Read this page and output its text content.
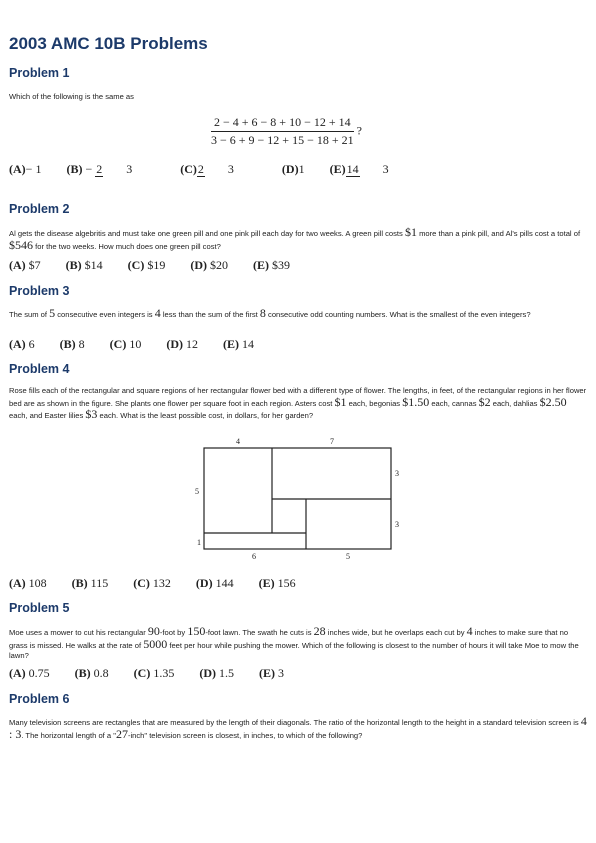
2003 AMC 10B Problems
Problem 1
Which of the following is the same as
$\frac{2 - 4 + 6 - 8 + 10 - 12 + 14}{3 - 6 + 9 - 12 + 15 - 18 + 21}$ ?
(A)− 1 (B) − 2 3	(C)2 3	(D)1 (E)14 3
Problem 2
Al gets the disease algebritis and must take one green pill and one pink pill each day for two weeks. A green pill costs $1 more than a pink pill, and Al's pills cost a total of $546 for the two weeks. How much does one green pill cost?
(A) $7 (B) $14 (C) $19 (D) $20 (E) $39
Problem 3
The sum of 5 consecutive even integers is 4 less than the sum of the first 8 consecutive odd counting numbers. What is the smallest of the even integers?
(A) 6 (B) 8 (C) 10 (D) 12 (E) 14
Problem 4
Rose fills each of the rectangular and square regions of her rectangular flower bed with a different type of flower. The lengths, in feet, of the rectangular regions in her flower bed are as shown in the figure. She plants one flower per square foot in each region. Asters cost $1 each, begonias $1.50 each, cannas $2 each, dahlias $2.50 each, and Easter lilies $3 each. What is the least possible cost, in dollars, for her garden?
4	7
5
1
3
3
6	5
(A) 108 (B) 115 (C) 132 (D) 144 (E) 156
Problem 5
Moe uses a mower to cut his rectangular 90-foot by 150-foot lawn. The swath he cuts is 28 inches wide, but he overlaps each cut by 4 inches to make sure that no grass is missed. He walks at the rate of 5000 feet per hour while pushing the mower. Which of the following is closest to the number of hours it will take Moe to mow the lawn?
(A) 0.75 (B) 0.8 (C) 1.35 (D) 1.5 (E) 3
Problem 6
Many television screens are rectangles that are measured by the length of their diagonals. The ratio of the horizontal length to the height in a standard television screen is 4 : 3. The horizontal length of a "27-inch" television screen is closest, in inches, to which of the following?
